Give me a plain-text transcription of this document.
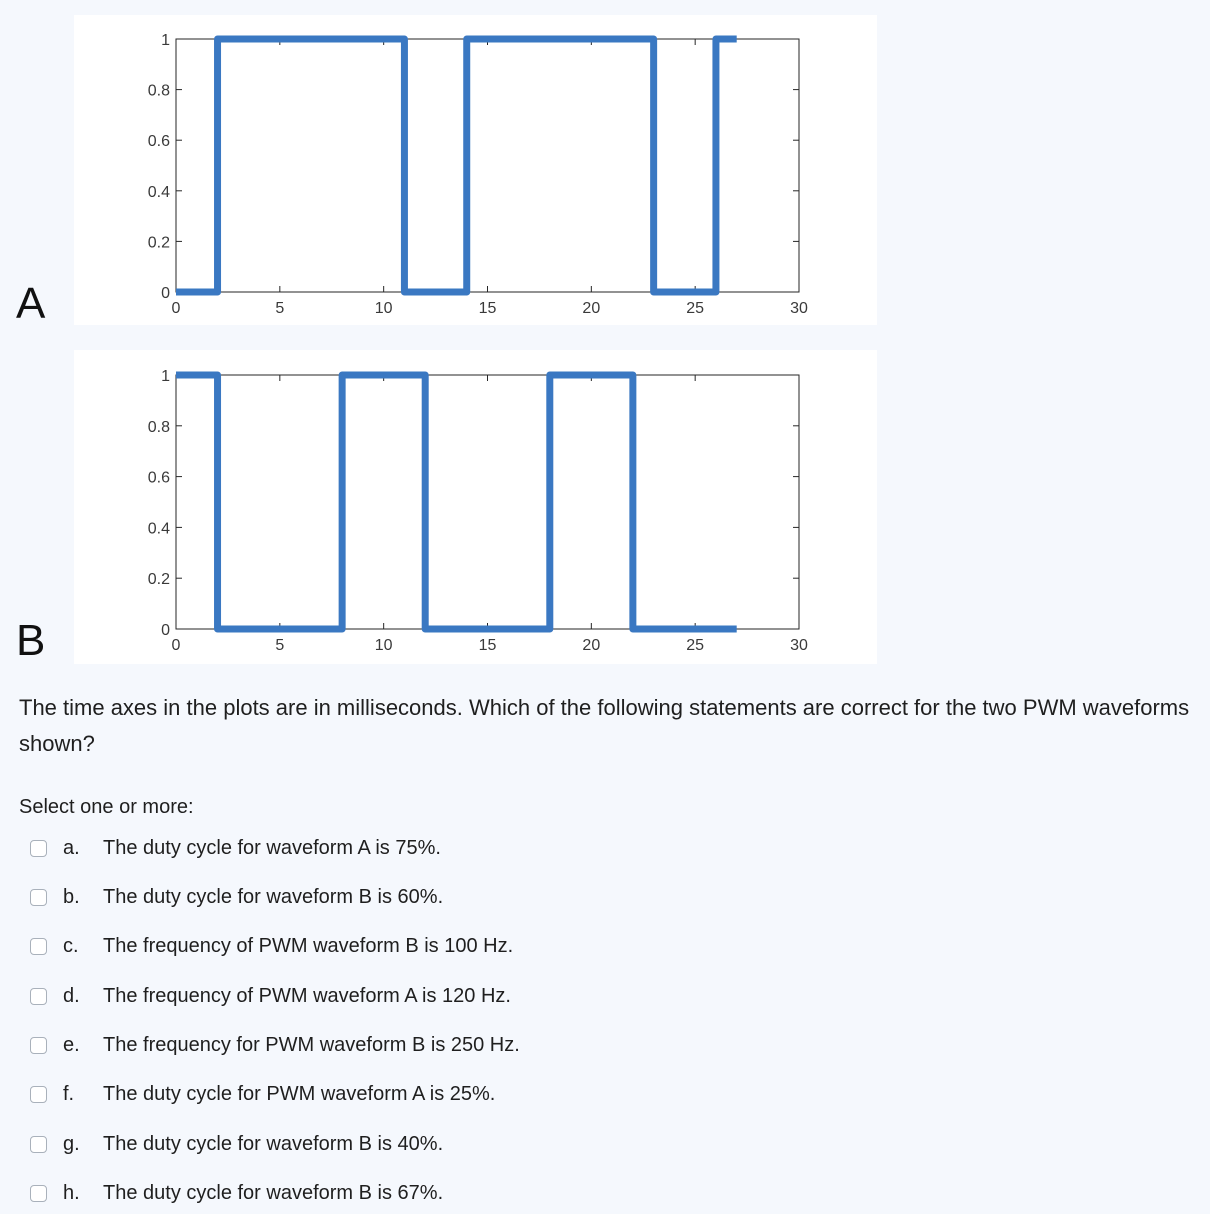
A	0	5	10	15	20	25	30
0
0.2
0.4
0.6
0.8
1
B	0	5	10	15	20	25	30
0
0.2
0.4
0.6
0.8
1
The time axes in the plots are in milliseconds. Which of the following statements are correct for the two PWM waveforms shown?
Select one or more:
a. The duty cycle for waveform A is 75%.
b. The duty cycle for waveform B is 60%.
c. The frequency of PWM waveform B is 100 Hz.
d. The frequency of PWM waveform A is 120 Hz.
e. The frequency for PWM waveform B is 250 Hz.
f. The duty cycle for PWM waveform A is 25%.
g. The duty cycle for waveform B is 40%.
h. The duty cycle for waveform B is 67%.
